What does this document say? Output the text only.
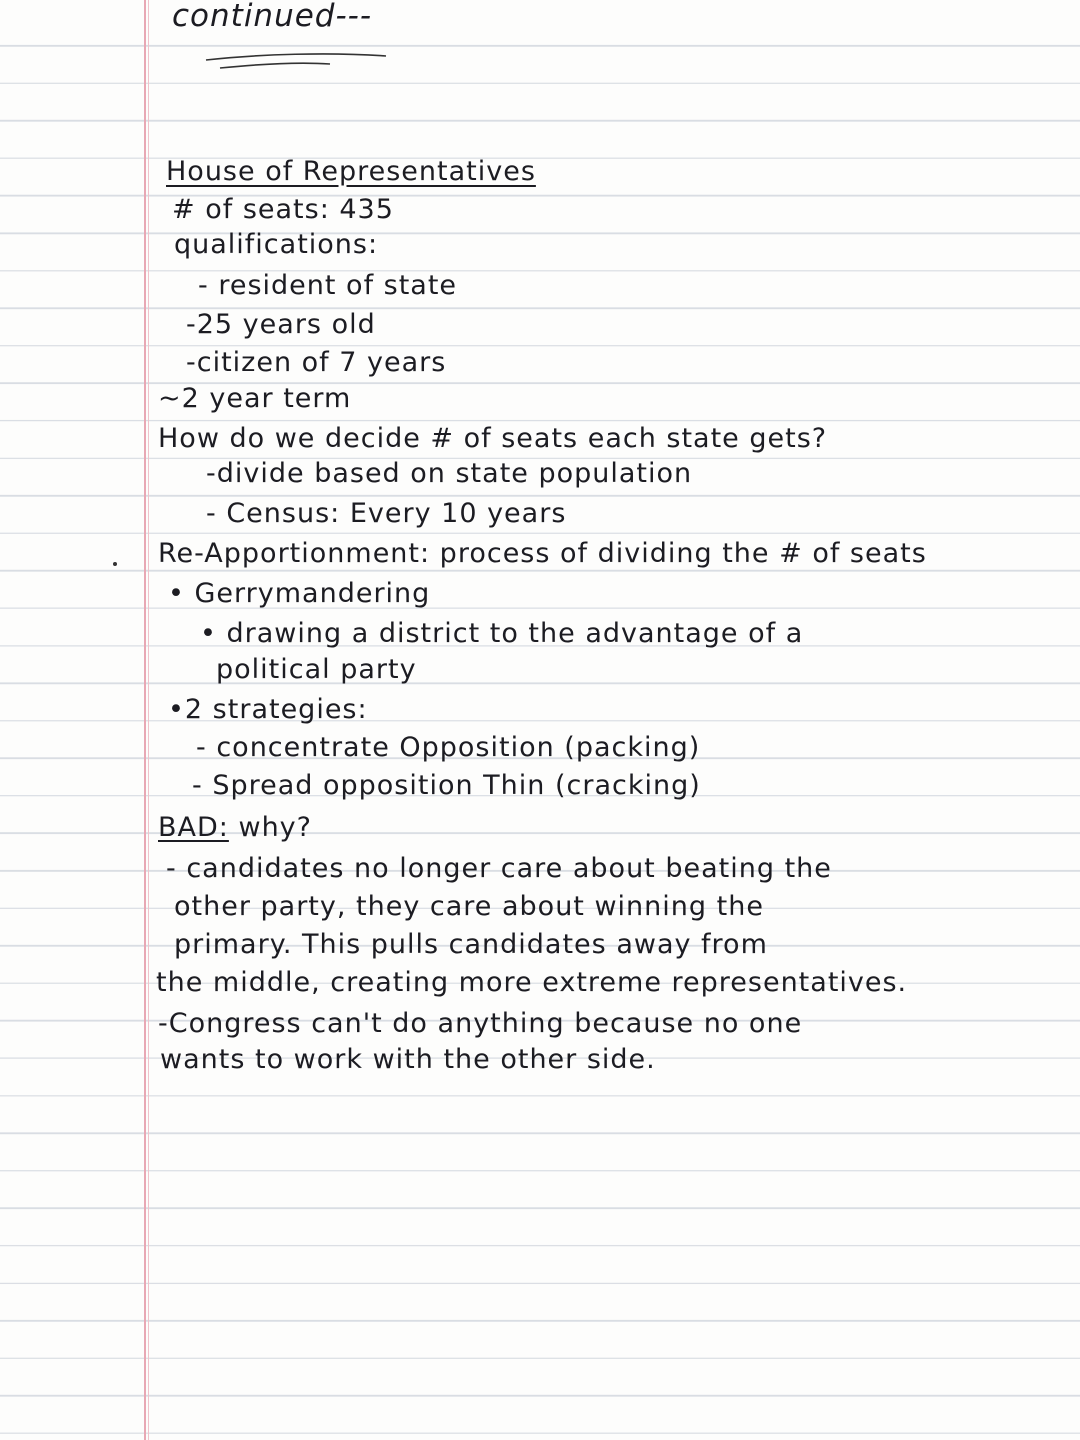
continued---
House of Representatives
# of seats: 435
qualifications:
- resident of state
-25 years old
-citizen of 7 years
~2 year term
How do we decide # of seats each state gets?
-divide based on state population
- Census: Every 10 years
Re-Apportionment: process of dividing the # of seats
• Gerrymandering
• drawing a district to the advantage of a
political party
•2 strategies:
- concentrate Opposition (packing)
- Spread opposition Thin (cracking)
BAD: why?
- candidates no longer care about beating the
other party, they care about winning the
primary. This pulls candidates away from
the middle, creating more extreme representatives.
-Congress can't do anything because no one
wants to work with the other side.
